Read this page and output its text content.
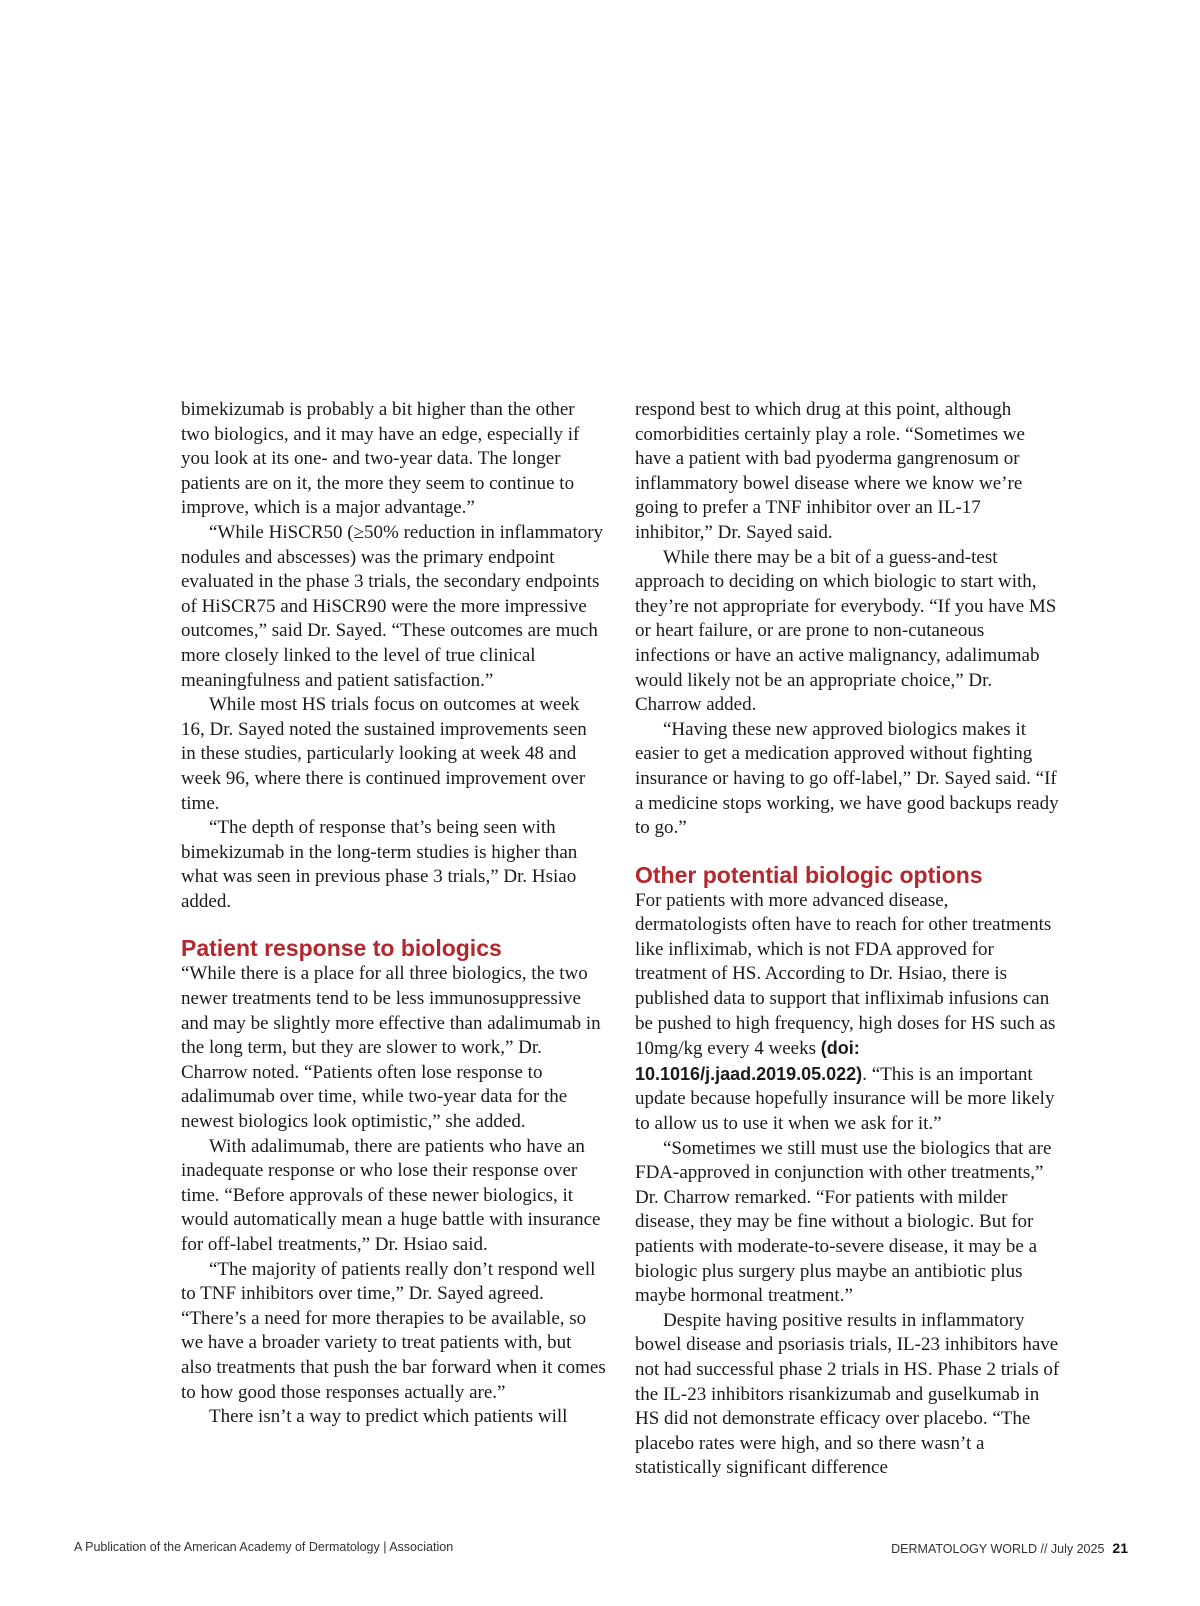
bimekizumab is probably a bit higher than the other two biologics, and it may have an edge, especially if you look at its one- and two-year data. The longer patients are on it, the more they seem to continue to improve, which is a major advantage.”

“While HiSCR50 (≥50% reduction in inflammatory nodules and abscesses) was the primary endpoint evaluated in the phase 3 trials, the secondary endpoints of HiSCR75 and HiSCR90 were the more impressive outcomes,” said Dr. Sayed. “These outcomes are much more closely linked to the level of true clinical meaningfulness and patient satisfaction.”

While most HS trials focus on outcomes at week 16, Dr. Sayed noted the sustained improvements seen in these studies, particularly looking at week 48 and week 96, where there is continued improvement over time.

“The depth of response that’s being seen with bimekizumab in the long-term studies is higher than what was seen in previous phase 3 trials,” Dr. Hsiao added.

Patient response to biologics

“While there is a place for all three biologics, the two newer treatments tend to be less immunosuppressive and may be slightly more effective than adalimumab in the long term, but they are slower to work,” Dr. Charrow noted. “Patients often lose response to adalimumab over time, while two-year data for the newest biologics look optimistic,” she added.

With adalimumab, there are patients who have an inadequate response or who lose their response over time. “Before approvals of these newer biologics, it would automatically mean a huge battle with insurance for off-label treatments,” Dr. Hsiao said.

“The majority of patients really don’t respond well to TNF inhibitors over time,” Dr. Sayed agreed. “There’s a need for more therapies to be available, so we have a broader variety to treat patients with, but also treatments that push the bar forward when it comes to how good those responses actually are.”

There isn’t a way to predict which patients will

respond best to which drug at this point, although comorbidities certainly play a role. “Sometimes we have a patient with bad pyoderma gangrenosum or inflammatory bowel disease where we know we’re going to prefer a TNF inhibitor over an IL-17 inhibitor,” Dr. Sayed said.

While there may be a bit of a guess-and-test approach to deciding on which biologic to start with, they’re not appropriate for everybody. “If you have MS or heart failure, or are prone to non-cutaneous infections or have an active malignancy, adalimumab would likely not be an appropriate choice,” Dr. Charrow added.

“Having these new approved biologics makes it easier to get a medication approved without fighting insurance or having to go off-label,” Dr. Sayed said. “If a medicine stops working, we have good backups ready to go.”

Other potential biologic options

For patients with more advanced disease, dermatologists often have to reach for other treatments like infliximab, which is not FDA approved for treatment of HS. According to Dr. Hsiao, there is published data to support that infliximab infusions can be pushed to high frequency, high doses for HS such as 10mg/kg every 4 weeks (doi: 10.1016/j.jaad.2019.05.022). “This is an important update because hopefully insurance will be more likely to allow us to use it when we ask for it.”

“Sometimes we still must use the biologics that are FDA-approved in conjunction with other treatments,” Dr. Charrow remarked. “For patients with milder disease, they may be fine without a biologic. But for patients with moderate-to-severe disease, it may be a biologic plus surgery plus maybe an antibiotic plus maybe hormonal treatment.”

Despite having positive results in inflammatory bowel disease and psoriasis trials, IL-23 inhibitors have not had successful phase 2 trials in HS. Phase 2 trials of the IL-23 inhibitors risankizumab and guselkumab in HS did not demonstrate efficacy over placebo. “The placebo rates were high, and so there wasn’t a statistically significant difference

A Publication of the American Academy of Dermatology | Association	DERMATOLOGY WORLD // July 2025 21
